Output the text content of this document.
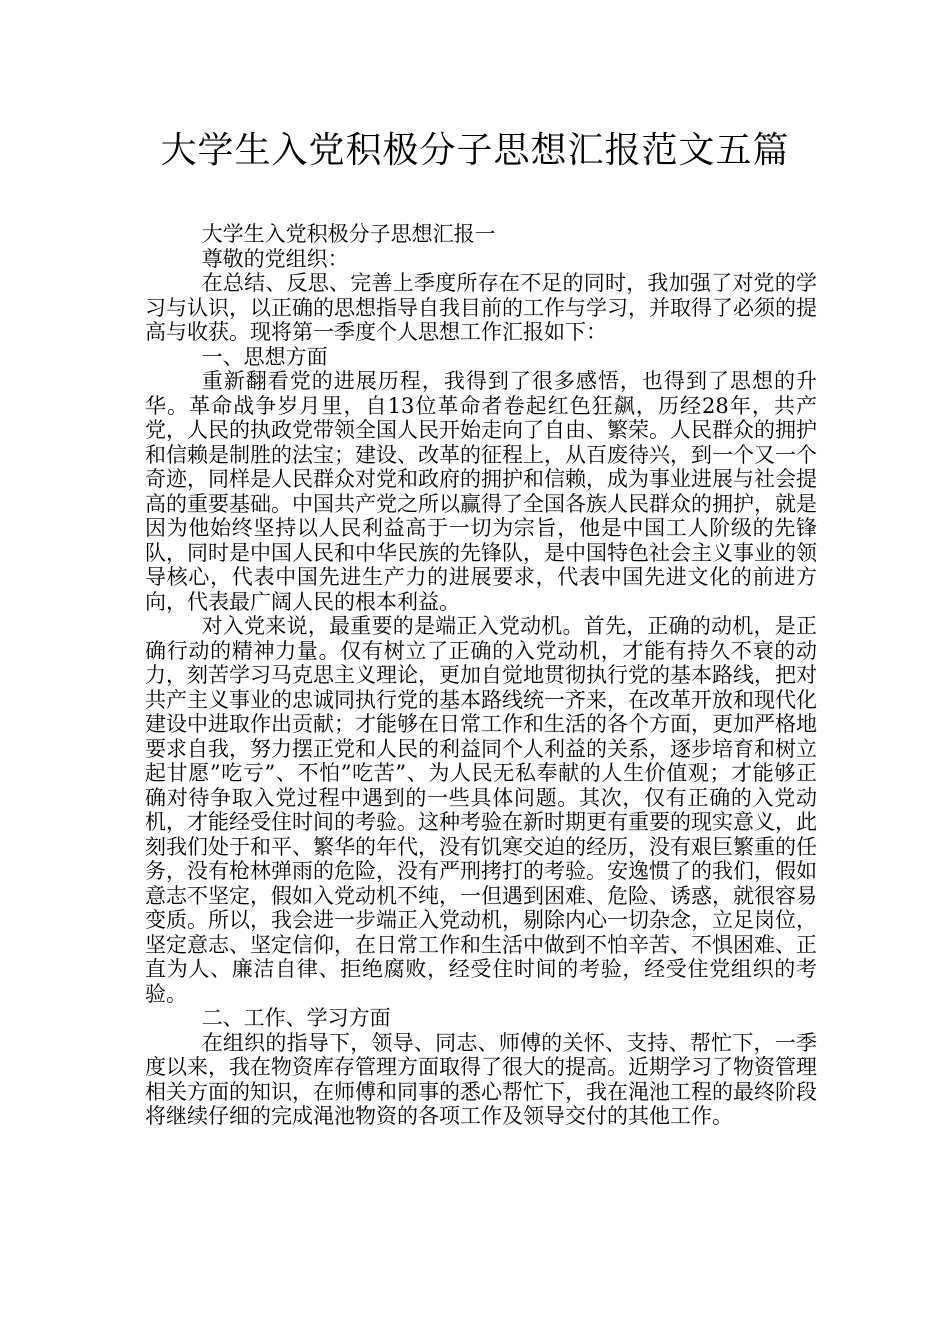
大学生入党积极分子思想汇报范文五篇

大学生入党积极分子思想汇报一

尊敬的党组织：

在总结、反思、完善上季度所存在不足的同时，我加强了对党的学习与认识，以正确的思想指导自我目前的工作与学习，并取得了必须的提高与收获。现将第一季度个人思想工作汇报如下：

一、思想方面

重新翻看党的进展历程，我得到了很多感悟，也得到了思想的升华。革命战争岁月里，自13位革命者卷起红色狂飙，历经28年，共产党，人民的执政党带领全国人民开始走向了自由、繁荣。人民群众的拥护和信赖是制胜的法宝；建设、改革的征程上，从百废待兴，到一个又一个奇迹，同样是人民群众对党和政府的拥护和信赖，成为事业进展与社会提高的重要基础。中国共产党之所以赢得了全国各族人民群众的拥护，就是因为他始终坚持以人民利益高于一切为宗旨，他是中国工人阶级的先锋队，同时是中国人民和中华民族的先锋队，是中国特色社会主义事业的领导核心，代表中国先进生产力的进展要求，代表中国先进文化的前进方向，代表最广阔人民的根本利益。

对入党来说，最重要的是端正入党动机。首先，正确的动机，是正确行动的精神力量。仅有树立了正确的入党动机，才能有持久不衰的动力，刻苦学习马克思主义理论，更加自觉地贯彻执行党的基本路线，把对共产主义事业的忠诚同执行党的基本路线统一齐来，在改革开放和现代化建设中进取作出贡献；才能够在日常工作和生活的各个方面，更加严格地要求自我，努力摆正党和人民的利益同个人利益的关系，逐步培育和树立起甘愿”吃亏”、不怕”吃苦”、为人民无私奉献的人生价值观；才能够正确对待争取入党过程中遇到的一些具体问题。其次，仅有正确的入党动机，才能经受住时间的考验。这种考验在新时期更有重要的现实意义，此刻我们处于和平、繁华的年代，没有饥寒交迫的经历，没有艰巨繁重的任务，没有枪林弹雨的危险，没有严刑拷打的考验。安逸惯了的我们，假如意志不坚定，假如入党动机不纯，一但遇到困难、危险、诱惑，就很容易变质。所以，我会进一步端正入党动机，剔除内心一切杂念，立足岗位，坚定意志、坚定信仰，在日常工作和生活中做到不怕辛苦、不惧困难、正直为人、廉洁自律、拒绝腐败，经受住时间的考验，经受住党组织的考验。

二、工作、学习方面

在组织的指导下，领导、同志、师傅的关怀、支持、帮忙下，一季度以来，我在物资库存管理方面取得了很大的提高。近期学习了物资管理相关方面的知识，在师傅和同事的悉心帮忙下，我在渑池工程的最终阶段将继续仔细的完成渑池物资的各项工作及领导交付的其他工作。
